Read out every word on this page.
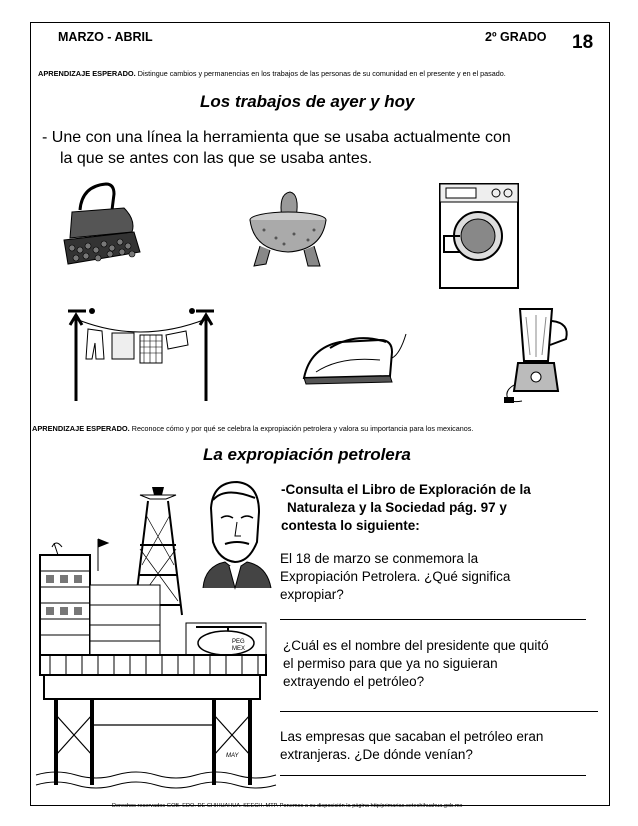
MARZO - ABRIL	2º GRADO 18
APRENDIZAJE ESPERADO. Distingue cambios y permanencias en los trabajos de las personas de su comunidad en el presente y en el pasado.
Los trabajos de ayer y hoy
- Une con una línea la herramienta que se usaba actualmente con
la que se antes con las que se usaba antes.
APRENDIZAJE ESPERADO. Reconoce cómo y por qué se celebra la expropiación petrolera y valora su importancia para los mexicanos.
La expropiación petrolera
PEG
MEX
MAY
-Consulta el Libro de Exploración de la
Naturaleza y la Sociedad pág. 97 y
contesta lo siguiente:
El 18 de marzo se conmemora la
Expropiación Petrolera. ¿Qué significa
expropiar?
¿Cuál es el nombre del presidente que quitó
el permiso para que ya no siguieran
extrayendo el petróleo?
Las empresas que sacaban el petróleo eran
extranjeras. ¿De dónde venían?
Derechos reservados GOB. EDO. DE CHIHUAHUA. SEECH. MTP. Ponemos a su disposición la página http/primarias.cetechihuahua.gob.mx
